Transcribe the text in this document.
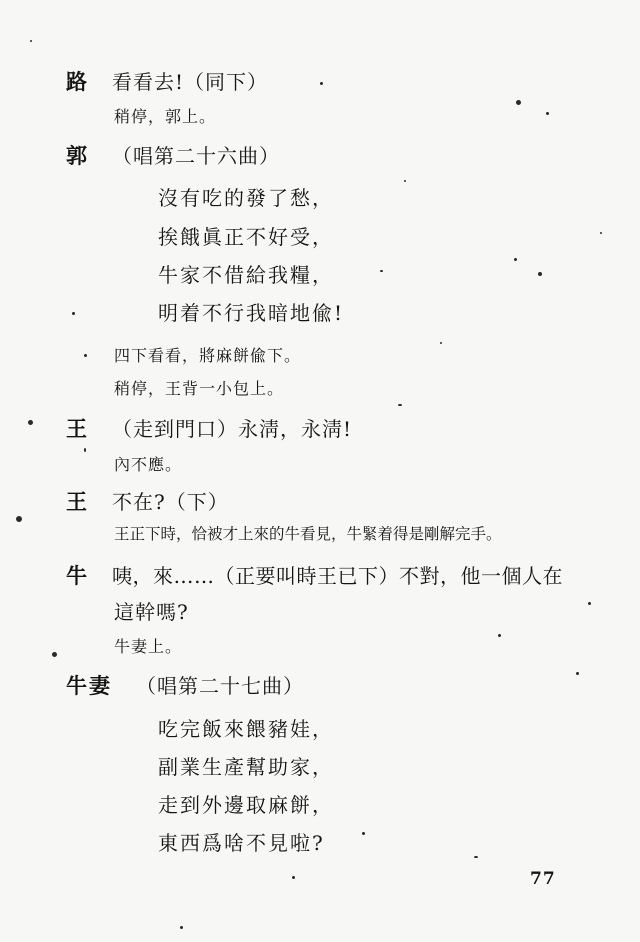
路 看看去!（同下）
稍停，郭上。
郭 （唱第二十六曲）
沒有吃的發了愁，
挨餓眞正不好受，
牛家不借給我糧，
明着不行我暗地偸!
四下看看，將麻餅偸下。
稍停，王背一小包上。
王 （走到門口）永淸，永淸!
內不應。
王 不在?（下）
王正下時，恰被才上來的牛看見，牛緊着得是剛解完手。
牛 咦，來……（正要叫時王已下）不對，他一個人在
這幹嗎?
牛妻上。
牛妻 （唱第二十七曲）
吃完飯來餵豬娃，
副業生產幫助家，
走到外邊取麻餅，
東西爲啥不見啦?
77
